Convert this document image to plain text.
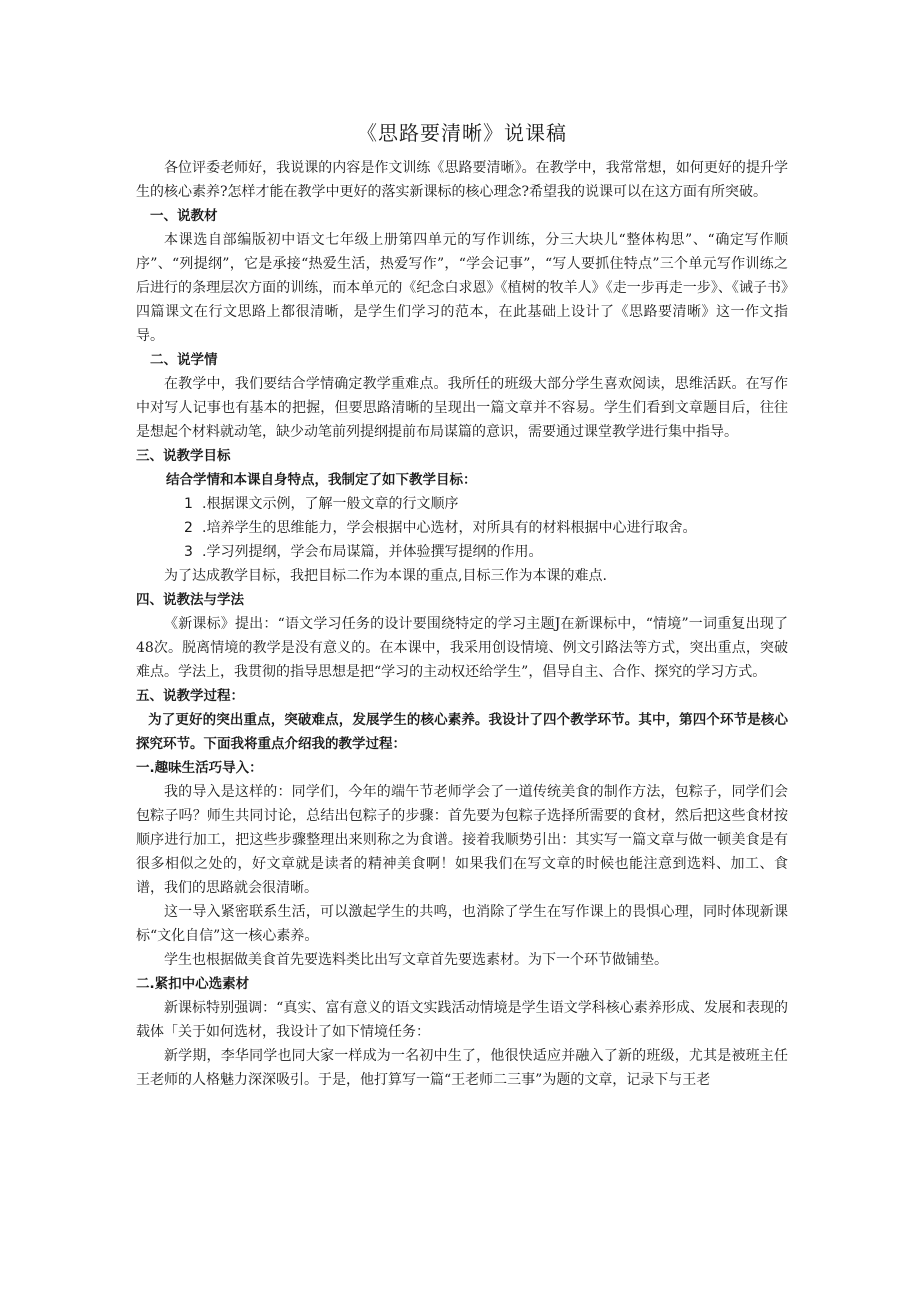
《思路要清晰》说课稿

各位评委老师好，我说课的内容是作文训练《思路要清晰》。在教学中，我常常想，如何更好的提升学生的核心素养?怎样才能在教学中更好的落实新课标的核心理念?希望我的说课可以在这方面有所突破。

一、说教材

本课选自部编版初中语文七年级上册第四单元的写作训练，分三大块儿“整体构思”、“确定写作顺序”、“列提纲”，它是承接“热爱生活，热爱写作”，“学会记事”，“写人要抓住特点”三个单元写作训练之后进行的条理层次方面的训练，而本单元的《纪念白求恩》《植树的牧羊人》《走一步再走一步》、《诫子书》四篇课文在行文思路上都很清晰，是学生们学习的范本，在此基础上设计了《思路要清晰》这一作文指导。

二、说学情

在教学中，我们要结合学情确定教学重难点。我所任的班级大部分学生喜欢阅读，思维活跃。在写作中对写人记事也有基本的把握，但要思路清晰的呈现出一篇文章并不容易。学生们看到文章题目后，往往是想起个材料就动笔，缺少动笔前列提纲提前布局谋篇的意识，需要通过课堂教学进行集中指导。

三、说教学目标

结合学情和本课自身特点，我制定了如下教学目标：

1 .根据课文示例，了解一般文章的行文顺序

2 .培养学生的思维能力，学会根据中心选材，对所具有的材料根据中心进行取舍。

3 .学习列提纲，学会布局谋篇，并体验撰写提纲的作用。

为了达成教学目标，我把目标二作为本课的重点,目标三作为本课的难点.

四、说教法与学法

《新课标》提出：“语文学习任务的设计要围绕特定的学习主题J在新课标中，“情境”一词重复出现了48次。脱离情境的教学是没有意义的。在本课中，我采用创设情境、例文引路法等方式，突出重点，突破难点。学法上，我贯彻的指导思想是把“学习的主动权还给学生”，倡导自主、合作、探究的学习方式。

五、说教学过程：

为了更好的突出重点，突破难点，发展学生的核心素养。我设计了四个教学环节。其中，第四个环节是核心探究环节。下面我将重点介绍我的教学过程：

一.趣味生活巧导入：

我的导入是这样的：同学们，今年的端午节老师学会了一道传统美食的制作方法，包粽子，同学们会包粽子吗？师生共同讨论，总结出包粽子的步骤：首先要为包粽子选择所需要的食材，然后把这些食材按顺序进行加工，把这些步骤整理出来则称之为食谱。接着我顺势引出：其实写一篇文章与做一顿美食是有很多相似之处的，好文章就是读者的精神美食啊！如果我们在写文章的时候也能注意到选料、加工、食谱，我们的思路就会很清晰。

这一导入紧密联系生活，可以激起学生的共鸣，也消除了学生在写作课上的畏惧心理，同时体现新课标“文化自信”这一核心素养。

学生也根据做美食首先要选料类比出写文章首先要选素材。为下一个环节做铺垫。

二.紧扣中心选素材

新课标特别强调：“真实、富有意义的语文实践活动情境是学生语文学科核心素养形成、发展和表现的载体「关于如何选材，我设计了如下情境任务：

新学期，李华同学也同大家一样成为一名初中生了，他很快适应并融入了新的班级，尤其是被班主任王老师的人格魅力深深吸引。于是，他打算写一篇“王老师二三事”为题的文章，记录下与王老
